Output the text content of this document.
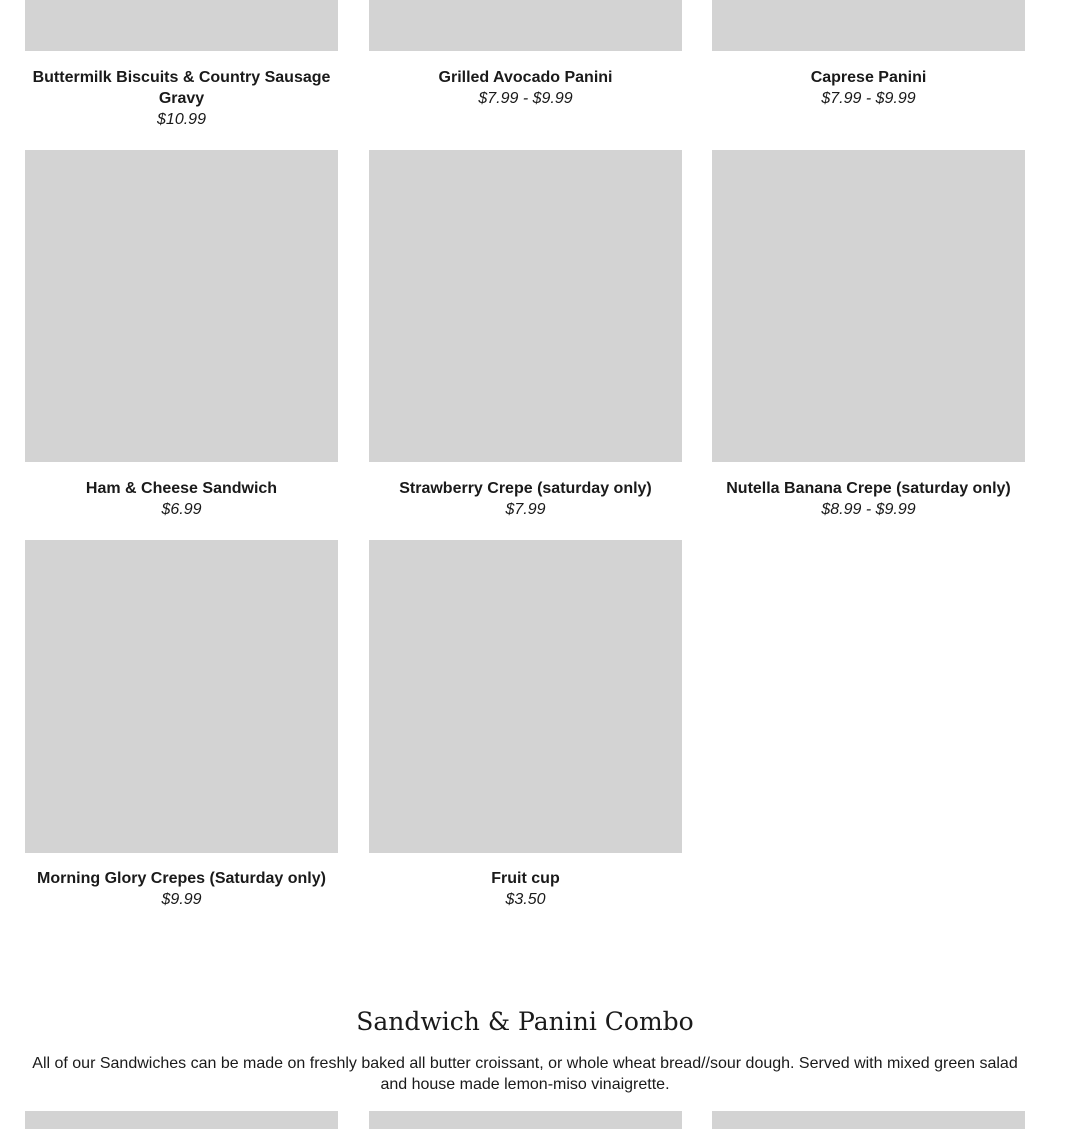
Buttermilk Biscuits & Country Sausage Gravy
$10.99
Grilled Avocado Panini
$7.99 - $9.99
Caprese Panini
$7.99 - $9.99
Ham & Cheese Sandwich
$6.99
Strawberry Crepe (saturday only)
$7.99
Nutella Banana Crepe (saturday only)
$8.99 - $9.99
Morning Glory Crepes (Saturday only)
$9.99
Fruit cup
$3.50
Sandwich & Panini Combo

All of our Sandwiches can be made on freshly baked all butter croissant, or whole wheat bread//sour dough. Served with mixed green salad and house made lemon-miso vinaigrette.
